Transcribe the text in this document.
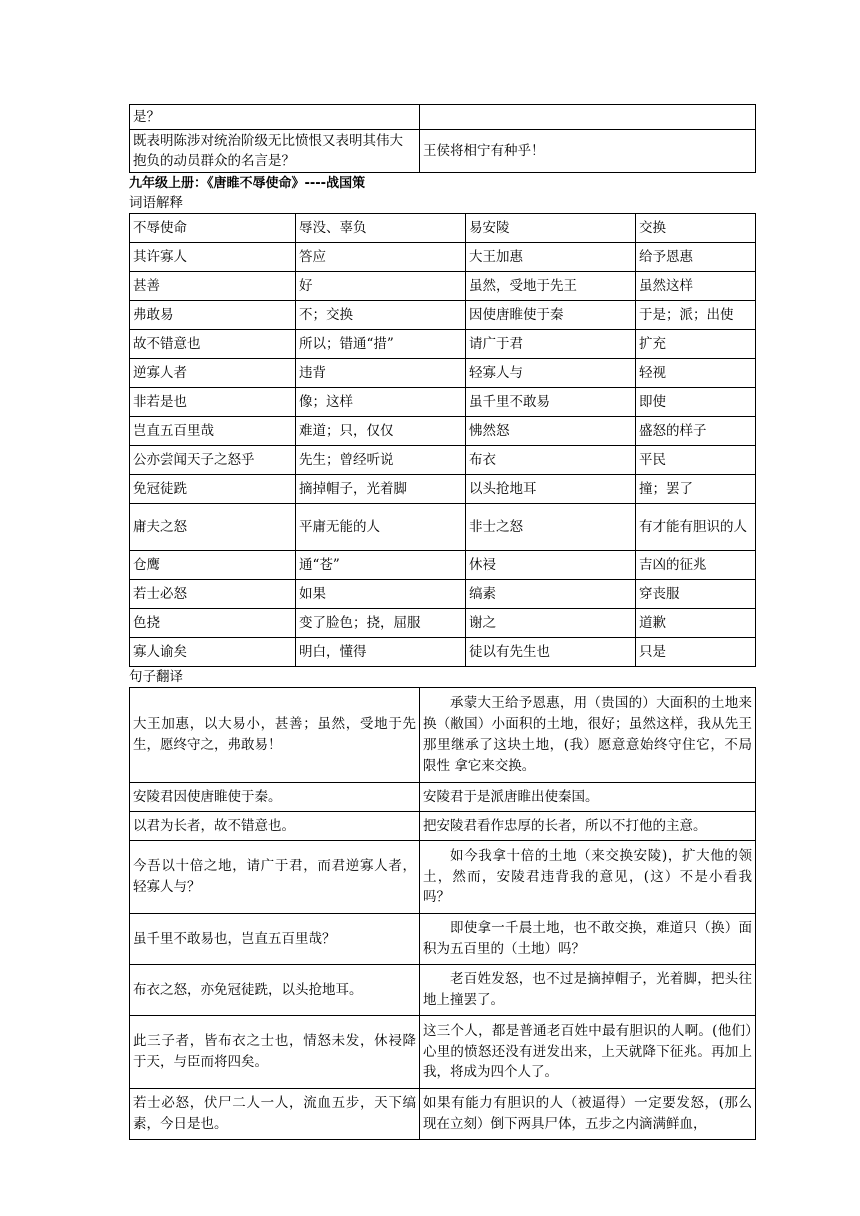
是？	
既表明陈涉对统治阶级无比愤恨又表明其伟大抱负的动员群众的名言是？	王侯将相宁有种乎！

九年级上册：《唐睢不辱使命》----战国策

词语解释

不辱使命	辱没、辜负	易安陵	交换
其许寡人	答应	大王加惠	给予恩惠
甚善	好	虽然，受地于先王	虽然这样
弗敢易	不；交换	因使唐睢使于秦	于是；派；出使
故不错意也	所以；错通“措”	请广于君	扩充
逆寡人者	违背	轻寡人与	轻视
非若是也	像；这样	虽千里不敢易	即使
岂直五百里哉	难道；只，仅仅	怫然怒	盛怒的样子
公亦尝闻天子之怒乎	先生；曾经听说	布衣	平民
免冠徒跣	摘掉帽子，光着脚	以头抢地耳	撞；罢了
庸夫之怒	平庸无能的人	非士之怒	有才能有胆识的人
仓鹰	通“苍”	休祲	吉凶的征兆
若士必怒	如果	缟素	穿丧服
色挠	变了脸色；挠，屈服	谢之	道歉
寡人谕矣	明白，懂得	徒以有先生也	只是

句子翻译

大王加惠，以大易小，甚善；虽然，受地于先生，愿终守之，弗敢易！	承蒙大王给予恩惠，用（贵国的）大面积的土地来换（敝国）小面积的土地，很好；虽然这样，我从先王那里继承了这块土地，(我）愿意意始终守住它，不局限性 拿它来交换。
安陵君因使唐睢使于秦。	安陵君于是派唐睢出使秦国。
以君为长者，故不错意也。	把安陵君看作忠厚的长者，所以不打他的主意。
今吾以十倍之地，请广于君，而君逆寡人者，轻寡人与？	如今我拿十倍的土地（来交换安陵)，扩大他的领土，然而，安陵君违背我的意见，(这）不是小看我吗？
虽千里不敢易也，岂直五百里哉？	即使拿一千晨土地，也不敢交换，难道只（换）面积为五百里的（土地）吗？
布衣之怒，亦免冠徒跣，以头抢地耳。	老百姓发怒，也不过是摘掉帽子，光着脚，把头往地上撞罢了。
此三子者，皆布衣之士也，情怒未发，休祲降于天，与臣而将四矣。	这三个人，都是普通老百姓中最有胆识的人啊。(他们）心里的愤怒还没有迸发出来，上天就降下征兆。再加上我，将成为四个人了。
若士必怒，伏尸二人一人，流血五步，天下缟素，今日是也。	如果有能力有胆识的人（被逼得）一定要发怒，(那么现在立刻）倒下两具尸体，五步之内滴满鲜血，
